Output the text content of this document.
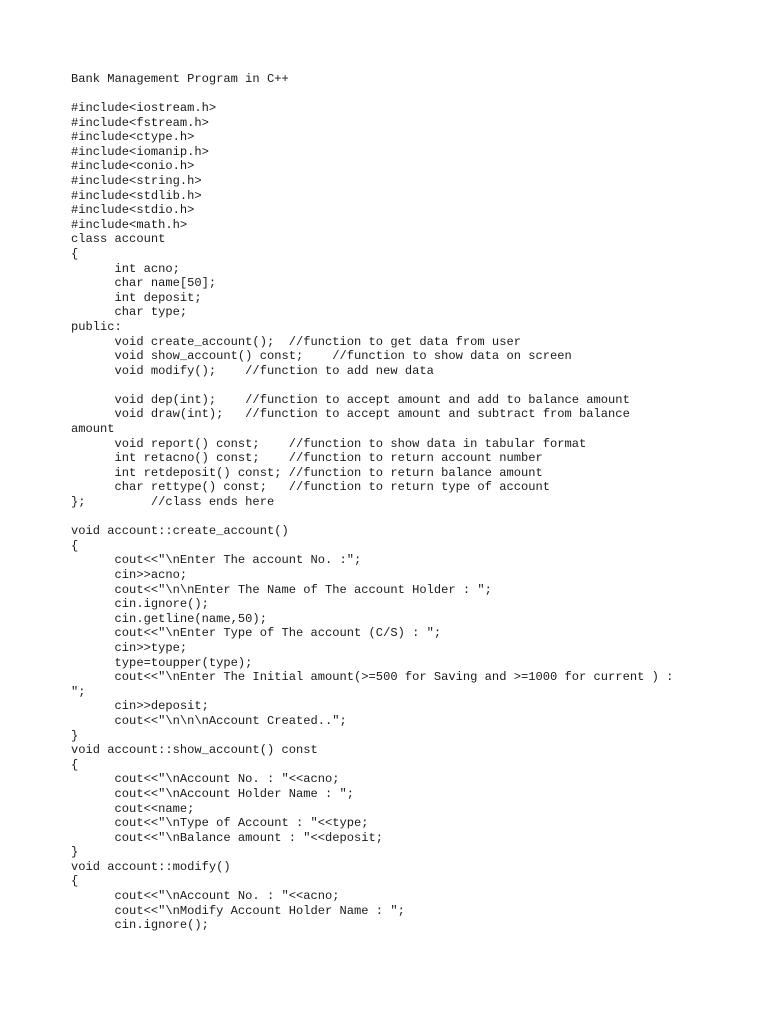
Bank Management Program in C++
#include<iostream.h>
#include<fstream.h>
#include<ctype.h>
#include<iomanip.h>
#include<conio.h>
#include<string.h>
#include<stdlib.h>
#include<stdio.h>
#include<math.h>
class account
{
int acno;
char name[50];
int deposit;
char type;
public:
void create_account();  //function to get data from user
void show_account() const;    //function to show data on screen
void modify();    //function to add new data
void dep(int);    //function to accept amount and add to balance amount
void draw(int);   //function to accept amount and subtract from balance
amount
void report() const;    //function to show data in tabular format
int retacno() const;    //function to return account number
int retdeposit() const; //function to return balance amount
char rettype() const;   //function to return type of account
};         //class ends here
void account::create_account()
{
cout<<"\nEnter The account No. :";
cin>>acno;
cout<<"\n\nEnter The Name of The account Holder : ";
cin.ignore();
cin.getline(name,50);
cout<<"\nEnter Type of The account (C/S) : ";
cin>>type;
type=toupper(type);
cout<<"\nEnter The Initial amount(>=500 for Saving and >=1000 for current ) :
";
cin>>deposit;
cout<<"\n\n\nAccount Created..";
}
void account::show_account() const
{
cout<<"\nAccount No. : "<<acno;
cout<<"\nAccount Holder Name : ";
cout<<name;
cout<<"\nType of Account : "<<type;
cout<<"\nBalance amount : "<<deposit;
}
void account::modify()
{
cout<<"\nAccount No. : "<<acno;
cout<<"\nModify Account Holder Name : ";
cin.ignore();
